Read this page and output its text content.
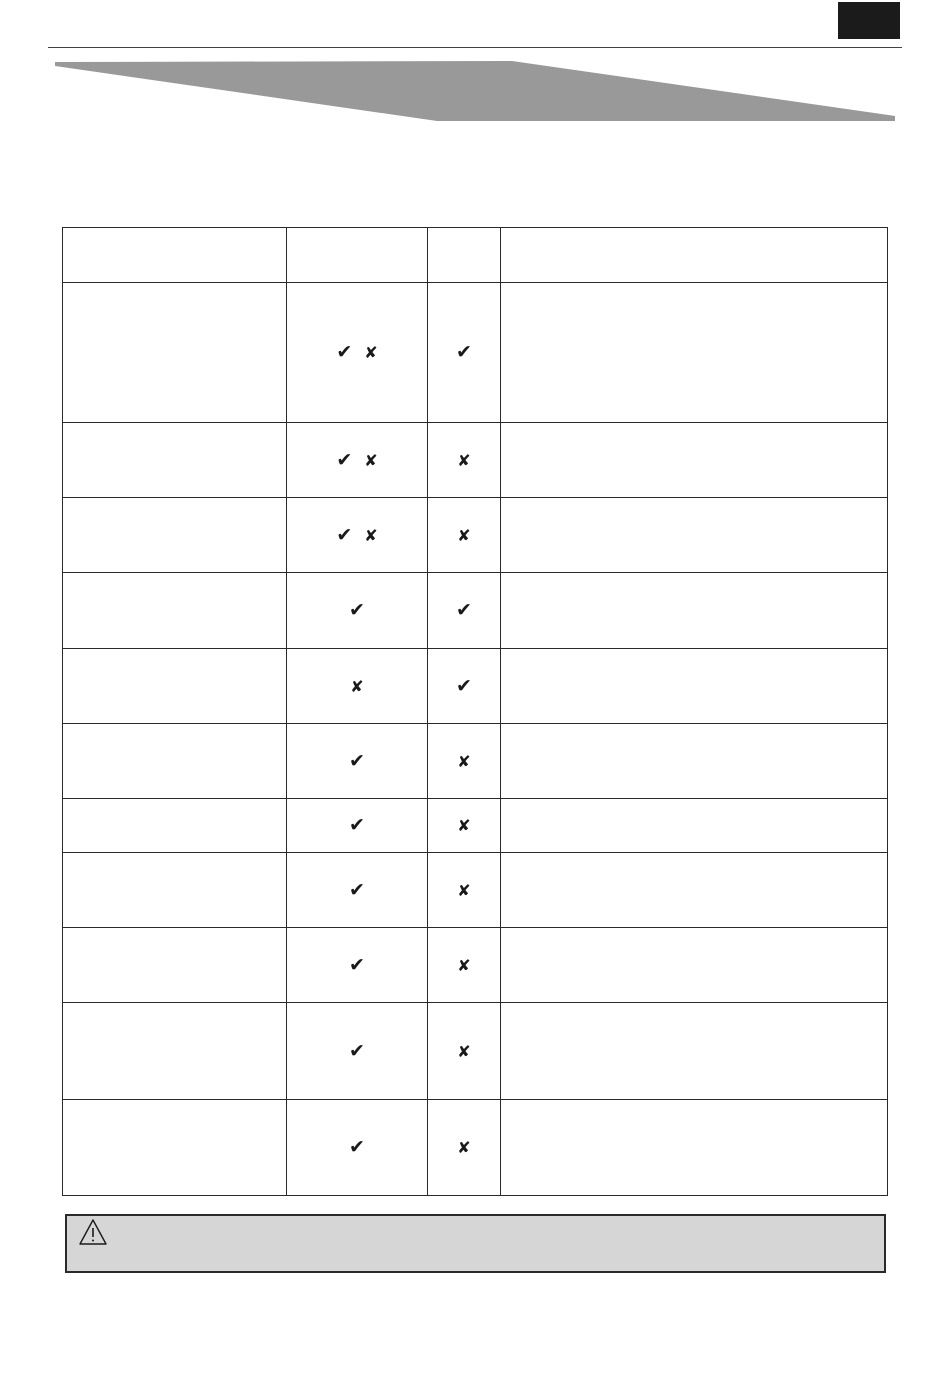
	✔ ✘	✔	
	✔ ✘	✘	
	✔ ✘	✘	
	✔	✔	
	✘	✔	
	✔	✘	
	✔	✘	
	✔	✘	
	✔	✘	
	✔	✘	
	✔	✘	
